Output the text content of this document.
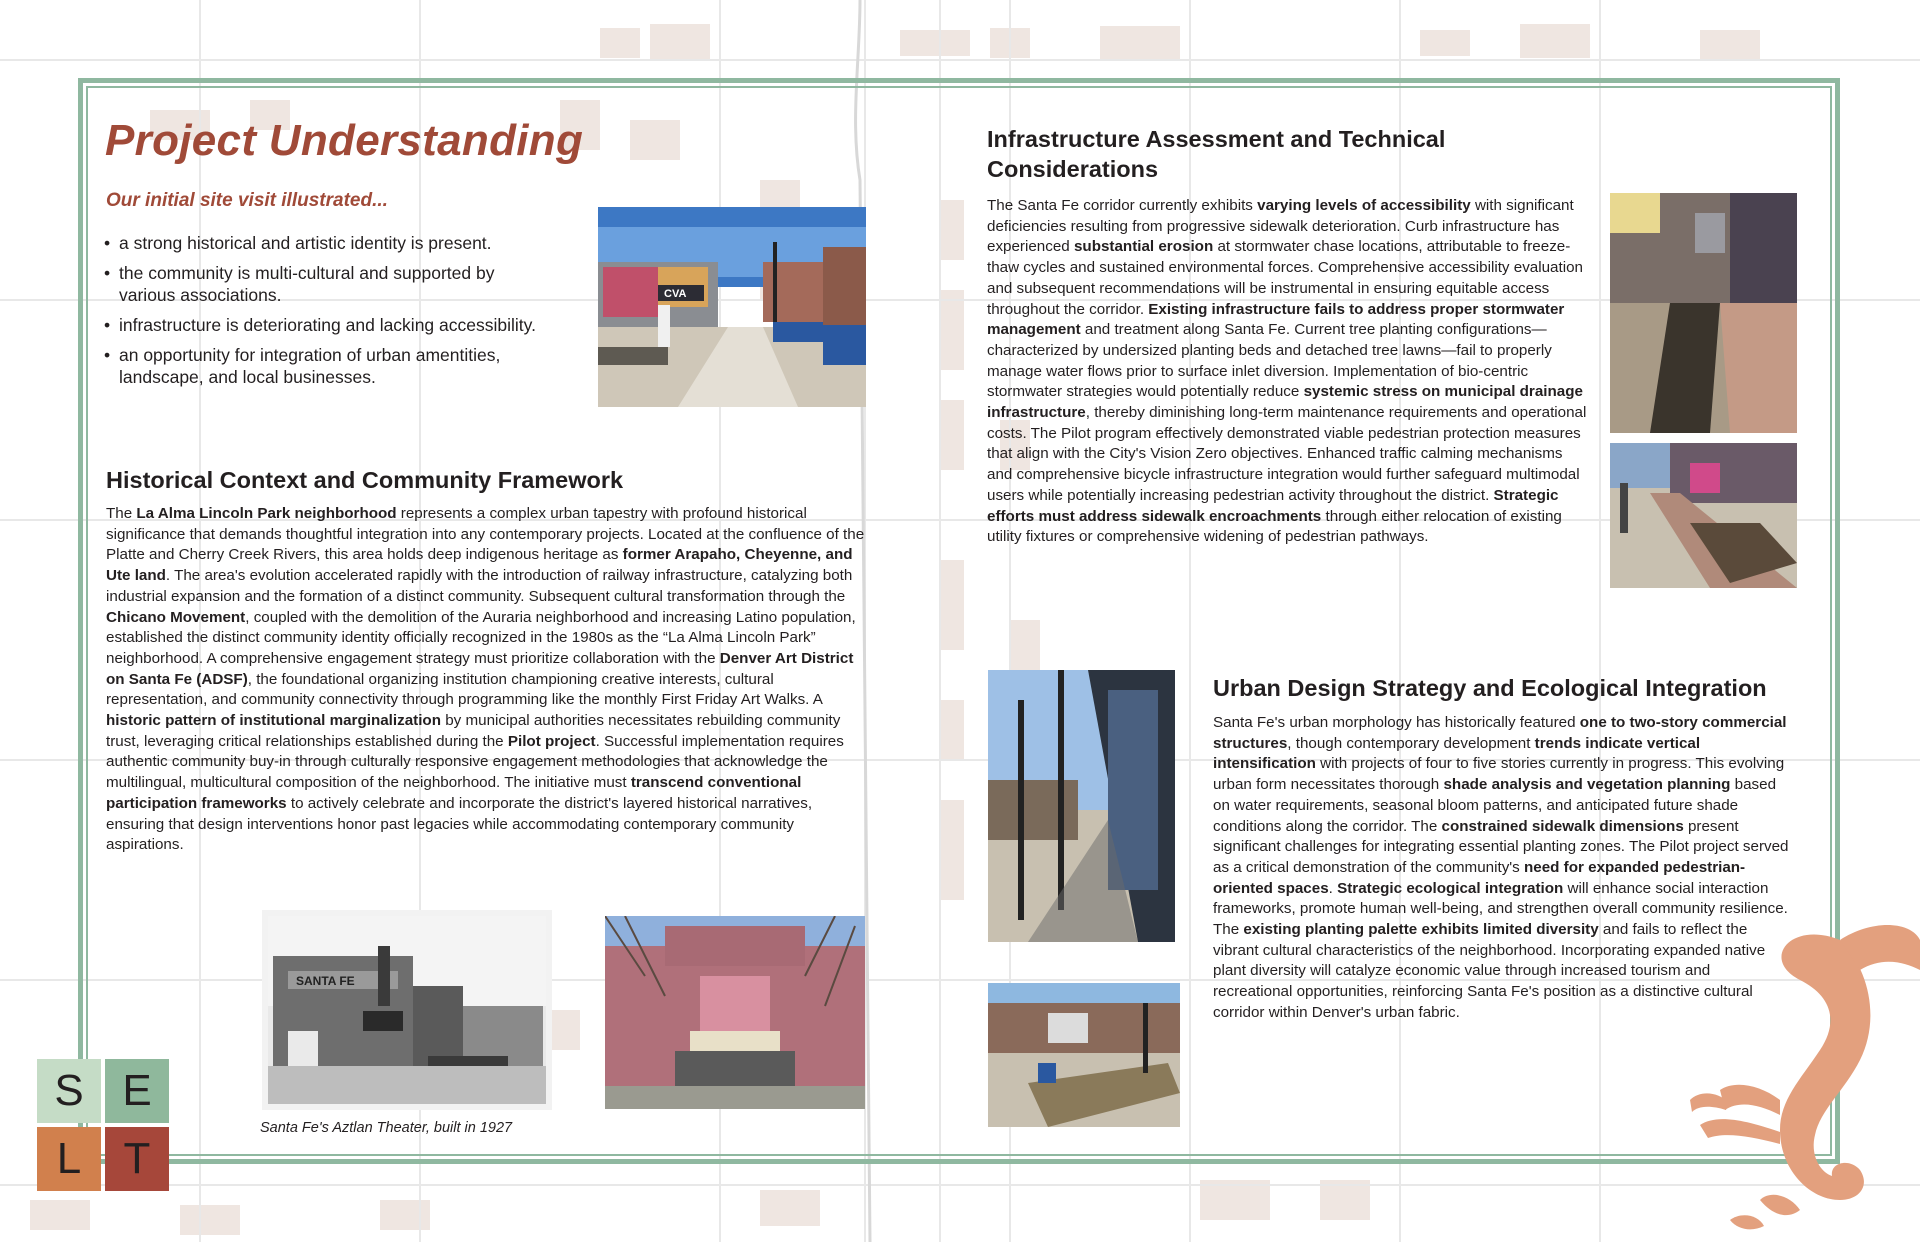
Project Understanding
Our initial site visit illustrated...
• a strong historical and artistic identity is present.
• the community is multi-cultural and supported by various associations.
• infrastructure is deteriorating and lacking accessibility.
• an opportunity for integration of urban amentities, landscape, and local businesses.
CVA
Historical Context and Community Framework

The La Alma Lincoln Park neighborhood represents a complex urban tapestry with profound historical significance that demands thoughtful integration into any contemporary projects. Located at the confluence of the Platte and Cherry Creek Rivers, this area holds deep indigenous heritage as former Arapaho, Cheyenne, and Ute land. The area's evolution accelerated rapidly with the introduction of railway infrastructure, catalyzing both industrial expansion and the formation of a distinct community. Subsequent cultural transformation through the Chicano Movement, coupled with the demolition of the Auraria neighborhood and increasing Latino population, established the distinct community identity officially recognized in the 1980s as the “La Alma Lincoln Park” neighborhood. A comprehensive engagement strategy must prioritize collaboration with the Denver Art District on Santa Fe (ADSF), the foundational organizing institution championing creative interests, cultural representation, and community connectivity through programming like the monthly First Friday Art Walks. A historic pattern of institutional marginalization by municipal authorities necessitates rebuilding community trust, leveraging critical relationships established during the Pilot project. Successful implementation requires authentic community buy-in through culturally responsive engagement methodologies that acknowledge the multilingual, multicultural composition of the neighborhood. The initiative must transcend conventional participation frameworks to actively celebrate and incorporate the district's layered historical narratives, ensuring that design interventions honor past legacies while accommodating contemporary community aspirations.

SANTA FE
Santa Fe's Aztlan Theater, built in 1927
Infrastructure Assessment and Technical Considerations

The Santa Fe corridor currently exhibits varying levels of accessibility with significant deficiencies resulting from progressive sidewalk deterioration. Curb infrastructure has experienced substantial erosion at stormwater chase locations, attributable to freeze-thaw cycles and sustained environmental forces. Comprehensive accessibility evaluation and subsequent recommendations will be instrumental in ensuring equitable access throughout the corridor. Existing infrastructure fails to address proper stormwater management and treatment along Santa Fe. Current tree planting configurations—characterized by undersized planting beds and detached tree lawns—fail to properly manage water flows prior to surface inlet diversion. Implementation of bio-centric stormwater strategies would potentially reduce systemic stress on municipal drainage infrastructure, thereby diminishing long-term maintenance requirements and operational costs. The Pilot program effectively demonstrated viable pedestrian protection measures that align with the City's Vision Zero objectives. Enhanced traffic calming mechanisms and comprehensive bicycle infrastructure integration would further safeguard multimodal users while potentially increasing pedestrian activity throughout the district. Strategic efforts must address sidewalk encroachments through either relocation of existing utility fixtures or comprehensive widening of pedestrian pathways.

Urban Design Strategy and Ecological Integration

Santa Fe's urban morphology has historically featured one to two-story commercial structures, though contemporary development trends indicate vertical intensification with projects of four to five stories currently in progress. This evolving urban form necessitates thorough shade analysis and vegetation planning based on water requirements, seasonal bloom patterns, and anticipated future shade conditions along the corridor. The constrained sidewalk dimensions present significant challenges for integrating essential planting zones. The Pilot project served as a critical demonstration of the community's need for expanded pedestrian-oriented spaces. Strategic ecological integration will enhance social interaction frameworks, promote human well-being, and strengthen overall community resilience. The existing planting palette exhibits limited diversity and fails to reflect the vibrant cultural characteristics of the neighborhood. Incorporating expanded native plant diversity will catalyze economic value through increased tourism and recreational opportunities, reinforcing Santa Fe's position as a distinctive cultural corridor within Denver's urban fabric.

S E
L T
